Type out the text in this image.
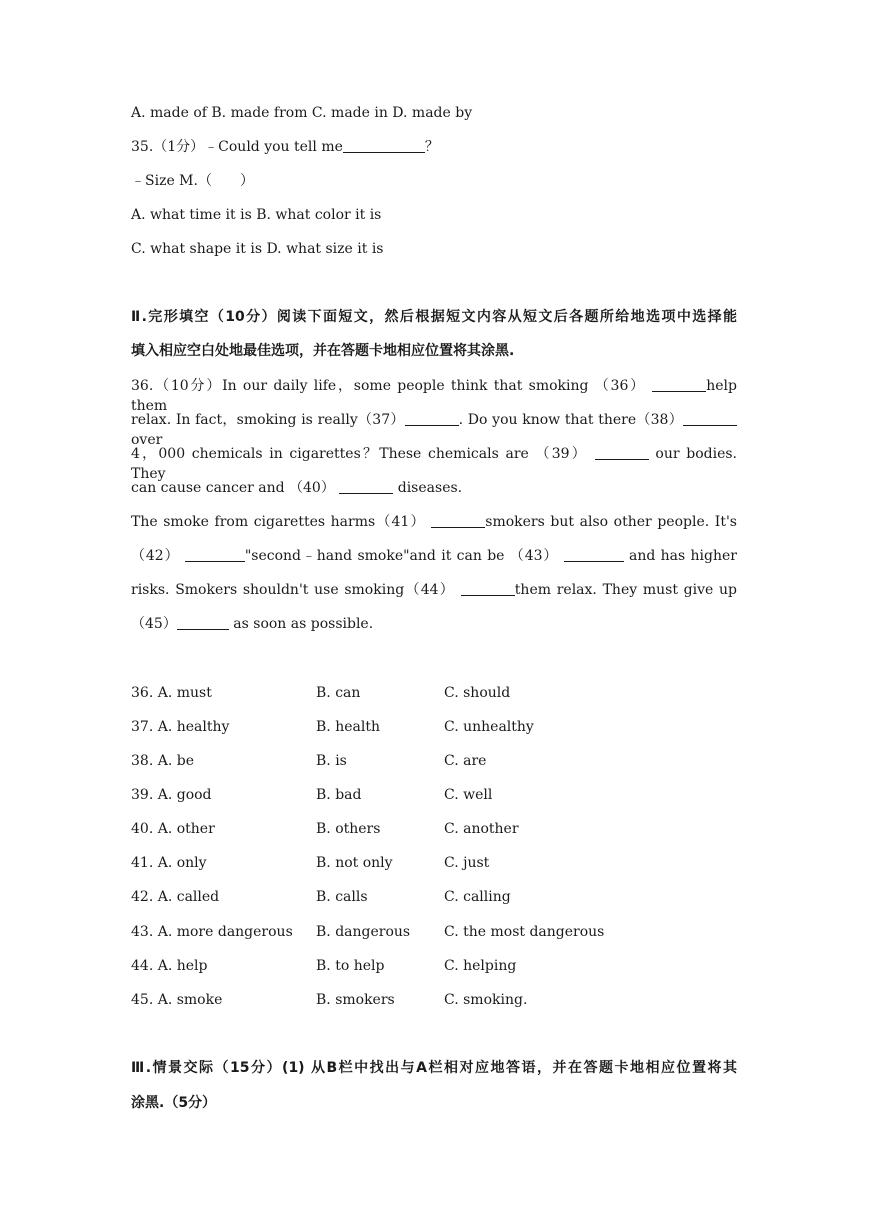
A. made of B. made from C. made in D. made by
35.（1分）﹣Could you tell me	？
﹣Size M.（　　）
A. what time it is B. what color it is
C. what shape it is D. what size it is
Ⅱ.完形填空（10分）阅读下面短文，然后根据短文内容从短文后各题所给地选项中选择能
填入相应空白处地最佳选项，并在答题卡地相应位置将其涂黑.
36.（10分）In our daily life，some people think that smoking （36）	help them
relax. In fact，smoking is really（37）	. Do you know that there（38）over
4，000 chemicals in cigarettes？These chemicals are （39）	our bodies. They
can cause cancer and （40）	diseases.
The smoke from cigarettes harms（41）	smokers but also other people. It's
（42）	"second﹣hand smoke"and it can be （43）	and has higher
risks. Smokers shouldn't use smoking（44）	them relax. They must give up
（45）	as soon as possible.
36. A. must	B. can	C. should
37. A. healthy	B. health	C. unhealthy
38. A. be	B. is	C. are
39. A. good	B. bad	C. well
40. A. other	B. others	C. another
41. A. only	B. not only	C. just
42. A. called	B. calls	C. calling
43. A. more dangerous B. dangerous C. the most dangerous
44. A. help	B. to help	C. helping
45. A. smoke	B. smokers	C. smoking.
Ⅲ.情景交际（15分）(1) 从B栏中找出与A栏相对应地答语，并在答题卡地相应位置将其
涂黑.（5分）
